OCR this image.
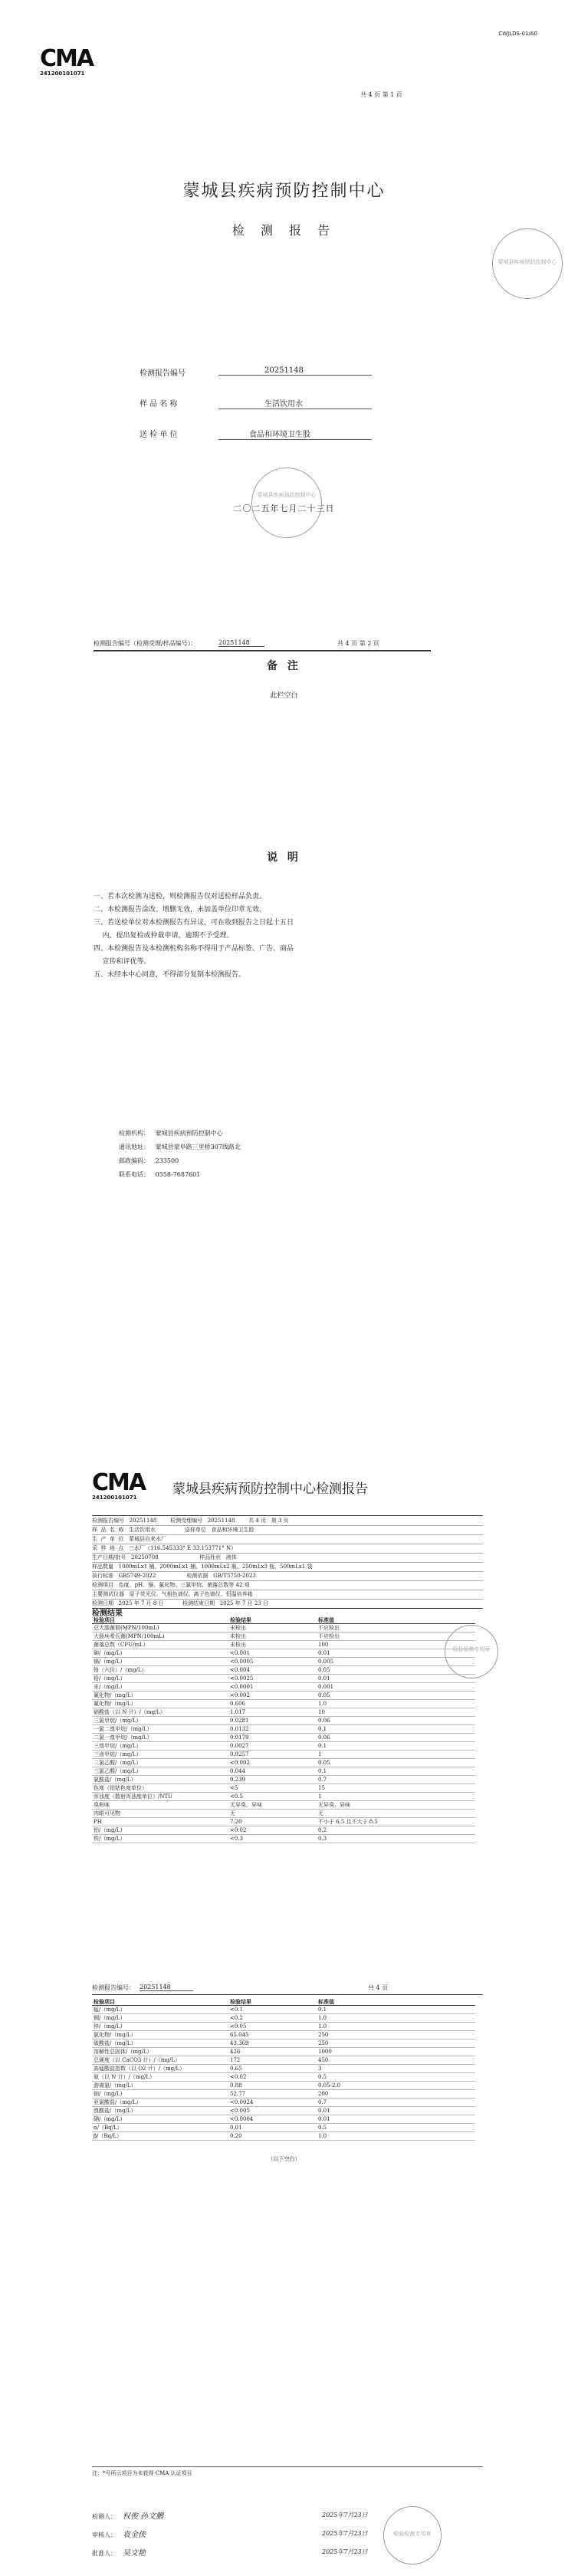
CWJLDS-01/A0
CMA
241200101071
共 4 页 第 1 页
蒙城县疾病预防控制中心
检 测 报 告
蒙城县疾病预防控制中心
检测报告编号	20251148
样 品 名 称	生活饮用水
送 检 单 位	食品和环境卫生股
蒙城县疾病预防控制中心
二〇二五年七月二十三日
检测报告编号（检测受理/样品编号）：	20251148	共 4 页 第 2 页
备 注
此栏空白
说 明
一、若本次检测为送检，则检测报告仅对送检样品负责。
二、本检测报告涂改、增删无效，未加盖单位印章无效。
三、若送检单位对本检测报告有异议，可在收到报告之日起十五日
内，提出复检或仲裁申请，逾期不予受理。
四、本检测报告及本检测机构名称不得用于产品标签、广告、商品
宣传和评优等。
五、未经本中心同意，不得部分复制本检测报告。
检测机构：   蒙城县疾病预防控制中心
通讯地址：   蒙城县蒙阜路三里桥307线路北
邮政编码：   233500
联系电话：   0558-7687601
CMA
241200101071
蒙城县疾病预防控制中心检测报告
检测报告编号   20251148        检测受理编号   20251148        共 4 页   第 3 页
样  品  名  称   生活饮用水                 送样单位   食品和环境卫生股
生  产  单  位   蒙城县自来水厂
采  样  地  点   三水厂（116.545333° E 33.153771° N）
生产日期/批号   20250708                        样品性状   液体
样品数量   1000mLx1 桶、2000mLx1 桶、1000mLx2 瓶、250mLx3 瓶、500mLx1 袋
执行标准   GB5749-2022                  检测依据   GB/T5750-2023
检测项目   色度、pH、镉、氟化物、三氯甲烷、菌落总数等 42 项
主要测试仪器   原子荧光仪、气相色谱仪、离子色谱仪、恒温培养箱
检测日期   2025 年 7 月 8 日           检测结束日期   2025 年 7 月 23 日
检测结果
检验检测专用章
检验项目	检验结果	标准值
总大肠菌群(MPN/100mL)	未检出	不应检出
大肠埃希氏菌(MPN/100mL)	未检出	不应检出
菌落总数（CFU/mL）	未检出	100
砷/（mg/L）	<0.001	0.01
镉/（mg/L）	<0.0005	0.005
铬（六价）/（mg/L）	<0.004	0.05
铅/（mg/L）	<0.0025	0.01
汞/（mg/L）	<0.0001	0.001
氰化物/（mg/L）	<0.002	0.05
氟化物/（mg/L）	0.606	1.0
硝酸盐（以 N 计）/（mg/L）	1.017	10
三氯甲烷/（mg/L）	0.0281	0.06
一氯二溴甲烷/（mg/L）	0.0132	0.1
二氯一溴甲烷/（mg/L）	0.0179	0.06
三溴甲烷/（mg/L）	0.0027	0.1
三卤甲烷/（mg/L）	0.9257	1
二氯乙酸/（mg/L）	<0.002	0.05
三氯乙酸/（mg/L）	0.044	0.1
氯酸盐/（mg/L）	0.239	0.7
色度（铂钴色度单位）	<5	15
浑浊度（散射浑浊度单位）/NTU	<0.5	1
臭和味	无异臭、异味	无异臭、异味
肉眼可见物	无	无
PH	7.20	不小于 6.5 且不大于 8.5
铝/（mg/L）	<0.02	0.2
铁/（mg/L）	<0.3	0.3
检测报告编号： 20251148	共 4 页
检验项目	检验结果	标准值
锰/（mg/L）	<0.1	0.1
铜/（mg/L）	<0.2	1.0
锌/（mg/L）	<0.05	1.0
氯化物/（mg/L）	65.045	250
硫酸盐/（mg/L）	43.369	250
溶解性总固体/（mg/L）	426	1000
总硬度（以 CaCO3 计）/（mg/L）	172	450
高锰酸盐指数（以 O2 计）/（mg/L）	0.65	3
氨（以 N 计）/（mg/L）	<0.02	0.5
游离氯/（mg/L）	0.88	0.05-2.0
钠/（mg/L）	52.77	200
亚氯酸盐/（mg/L）	<0.0024	0.7
溴酸盐/（mg/L）	<0.005	0.01
硒/（mg/L）	<0.0004	0.01
α/（Bq/L）	0.01	0.5
β/（Bq/L）	0.20	1.0
（以下空白）
注：*号所示项目为未获得 CMA 认证项目
检测人： 权俊 孙文鹏	2025年7月23日
审核人： 袁金侠	2025年7月23日
批准人： 吴文艳	2025年7月23日
检验检测专用章
